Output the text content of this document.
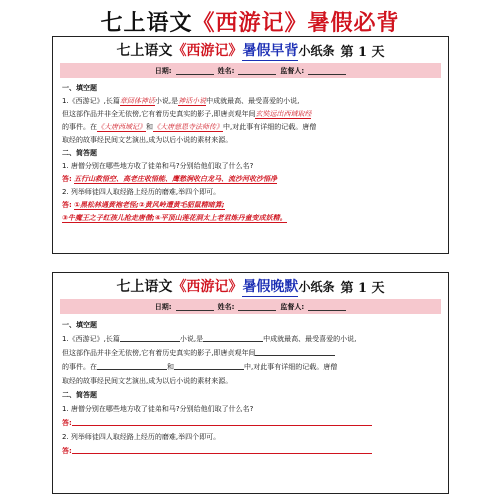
七上语文《西游记》暑假必背
七上语文 《西游记》 暑假早背 小纸条 第 1 天
日期:	姓名:	监督人:
一、填空题
1.《西游记》,长篇章回体神话小说,是神话小说中成就最高、最受喜爱的小说,
但这部作品并非全无依傍,它有着历史真实的影子,即唐贞观年间玄奘远出西域取经
的事件。在《大唐西域记》和《大唐慈恩寺法师传》中,对此事有详细的记载。唐僧
取经的故事经民间文艺演出,成为以后小说的素材来源。
二、简答题
1. 唐僧分别在哪些地方收了徒弟和马?分别给他们取了什么名?
答: 五行山救悟空、高老庄收悟能、鹰愁涧收白龙马、流沙河收沙悟净
2. 列举师徒四人取经路上经历的磨难,举四个即可。
答: ①黑松林遇黄袍老怪;②黄风岭遭黄毛貂鼠精暗算;
③牛魔王之子红孩儿抢走唐僧;④平顶山莲花洞太上老君炼丹童变成妖精。
七上语文 《西游记》 暑假晚默 小纸条 第 1 天
日期:	姓名:	监督人:
一、填空题
1.《西游记》,长篇	小说,是	中成就最高、最受喜爱的小说,
但这部作品并非全无依傍,它有着历史真实的影子,即唐贞观年间
的事件。在	和	中,对此事有详细的记载。唐僧
取经的故事经民间文艺演出,成为以后小说的素材来源。
二、简答题
1. 唐僧分别在哪些地方收了徒弟和马?分别给他们取了什么名?
答:
2. 列举师徒四人取经路上经历的磨难,举四个即可。
答:
